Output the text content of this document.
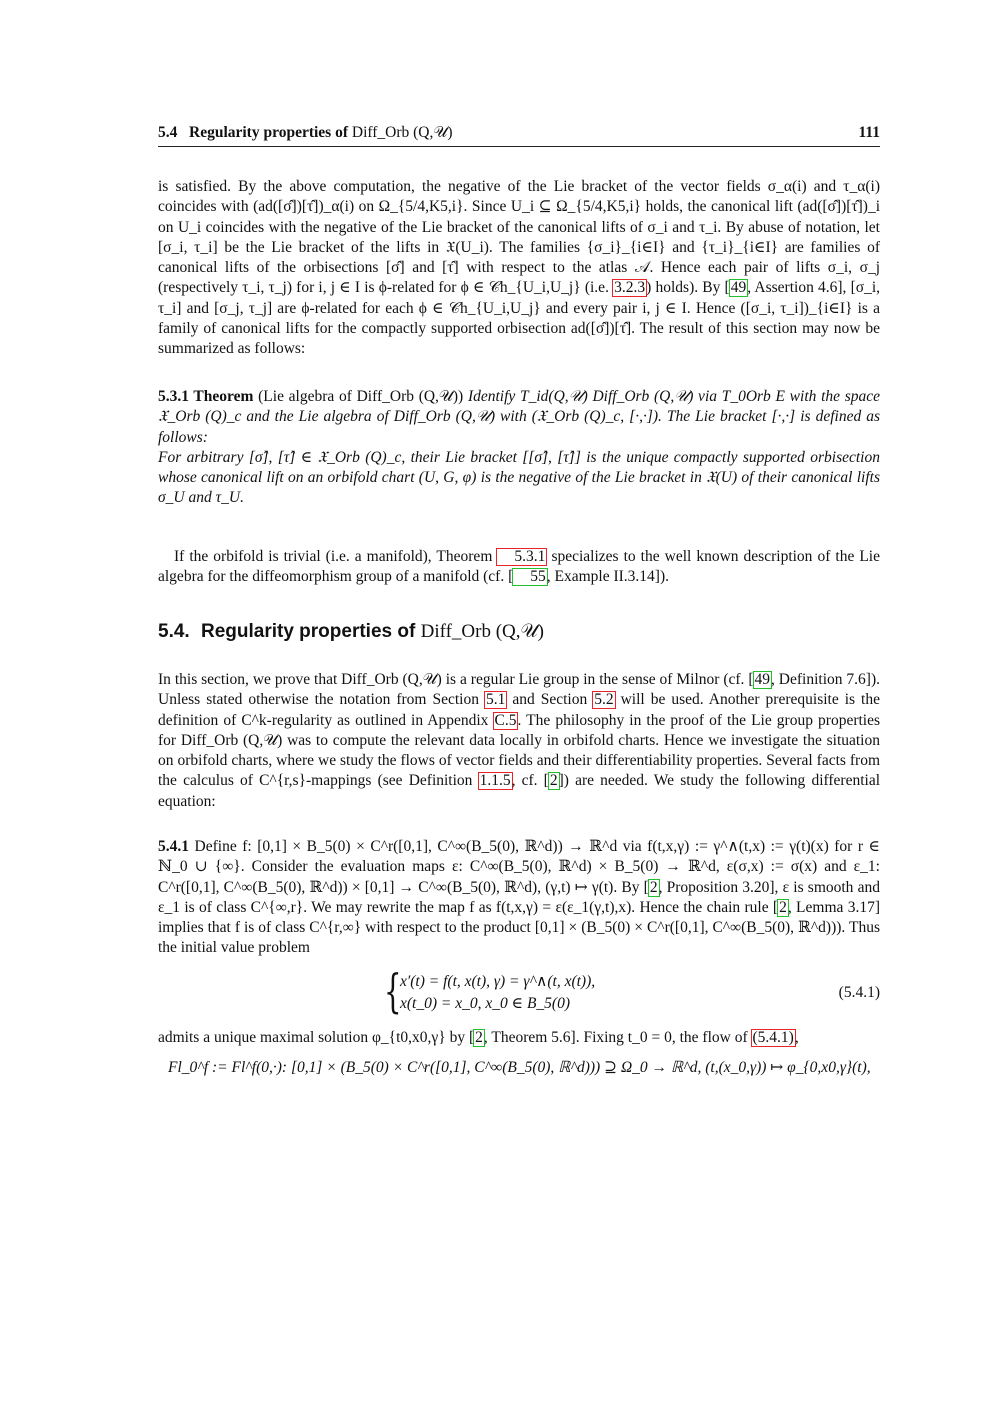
5.4 Regularity properties of Diff_Orb (Q,𝒰)	111
is satisfied. By the above computation, the negative of the Lie bracket of the vector fields σ_α(i) and τ_α(i) coincides with (ad([σ̂])[τ̂])_α(i) on Ω_{5/4,K5,i}. Since U_i ⊆ Ω_{5/4,K5,i} holds, the canonical lift (ad([σ̂])[τ̂])_i on U_i coincides with the negative of the Lie bracket of the canonical lifts of σ_i and τ_i. By abuse of notation, let [σ_i, τ_i] be the Lie bracket of the lifts in 𝔛(U_i). The families {σ_i}_{i∈I} and {τ_i}_{i∈I} are families of canonical lifts of the orbisections [σ̂] and [τ̂] with respect to the atlas 𝒜. Hence each pair of lifts σ_i, σ_j (respectively τ_i, τ_j) for i, j ∈ I is ϕ-related for ϕ ∈ 𝒞h_{U_i,U_j} (i.e. 3.2.3) holds). By [49, Assertion 4.6], [σ_i, τ_i] and [σ_j, τ_j] are ϕ-related for each ϕ ∈ 𝒞h_{U_i,U_j} and every pair i, j ∈ I. Hence ([σ_i, τ_i])_{i∈I} is a family of canonical lifts for the compactly supported orbisection ad([σ̂])[τ̂]. The result of this section may now be summarized as follows:
5.3.1 Theorem (Lie algebra of Diff_Orb (Q,𝒰)) Identify T_id(Q,𝒰) Diff_Orb (Q,𝒰) via T_0Orb E with the space 𝔛_Orb (Q)_c and the Lie algebra of Diff_Orb (Q,𝒰) with (𝔛_Orb (Q)_c, [·,·]). The Lie bracket [·,·] is defined as follows:
For arbitrary [σ̂], [τ̂] ∈ 𝔛_Orb (Q)_c, their Lie bracket [[σ̂], [τ̂]] is the unique compactly supported orbisection whose canonical lift on an orbifold chart (U, G, φ) is the negative of the Lie bracket in 𝔛(U) of their canonical lifts σ_U and τ_U.
If the orbifold is trivial (i.e. a manifold), Theorem 5.3.1 specializes to the well known description of the Lie algebra for the diffeomorphism group of a manifold (cf. [ 55, Example II.3.14]).
5.4. Regularity properties of Diff_Orb (Q,𝒰)
In this section, we prove that Diff_Orb (Q,𝒰) is a regular Lie group in the sense of Milnor (cf. [49, Definition 7.6]). Unless stated otherwise the notation from Section 5.1 and Section 5.2 will be used. Another prerequisite is the definition of C^k-regularity as outlined in Appendix C.5. The philosophy in the proof of the Lie group properties for Diff_Orb (Q,𝒰) was to compute the relevant data locally in orbifold charts. Hence we investigate the situation on orbifold charts, where we study the flows of vector fields and their differentiability properties. Several facts from the calculus of C^{r,s}-mappings (see Definition 1.1.5, cf. [2]) are needed. We study the following differential equation:
5.4.1 Define f: [0,1] × B_5(0) × C^r([0,1], C^∞(B_5(0), ℝ^d)) → ℝ^d via f(t,x,γ) := γ^∧(t,x) := γ(t)(x) for r ∈ ℕ_0 ∪ {∞}. Consider the evaluation maps ε: C^∞(B_5(0), ℝ^d) × B_5(0) → ℝ^d, ε(σ,x) := σ(x) and ε_1: C^r([0,1], C^∞(B_5(0), ℝ^d)) × [0,1] → C^∞(B_5(0), ℝ^d), (γ,t) ↦ γ(t). By [2, Proposition 3.20], ε is smooth and ε_1 is of class C^{∞,r}. We may rewrite the map f as f(t,x,γ) = ε(ε_1(γ,t),x). Hence the chain rule [2, Lemma 3.17] implies that f is of class C^{r,∞} with respect to the product [0,1] × (B_5(0) × C^r([0,1], C^∞(B_5(0), ℝ^d))). Thus the initial value problem
{
x′(t) = f(t, x(t), γ) = γ^∧(t, x(t)),
x(t_0) = x_0, x_0 ∈ B_5(0)
(5.4.1)
admits a unique maximal solution φ_{t0,x0,γ} by [2, Theorem 5.6]. Fixing t_0 = 0, the flow of (5.4.1),
Fl_0^f := Fl^f(0,·): [0,1] × (B_5(0) × C^r([0,1], C^∞(B_5(0), ℝ^d))) ⊇ Ω_0 → ℝ^d, (t,(x_0,γ)) ↦ φ_{0,x0,γ}(t),
